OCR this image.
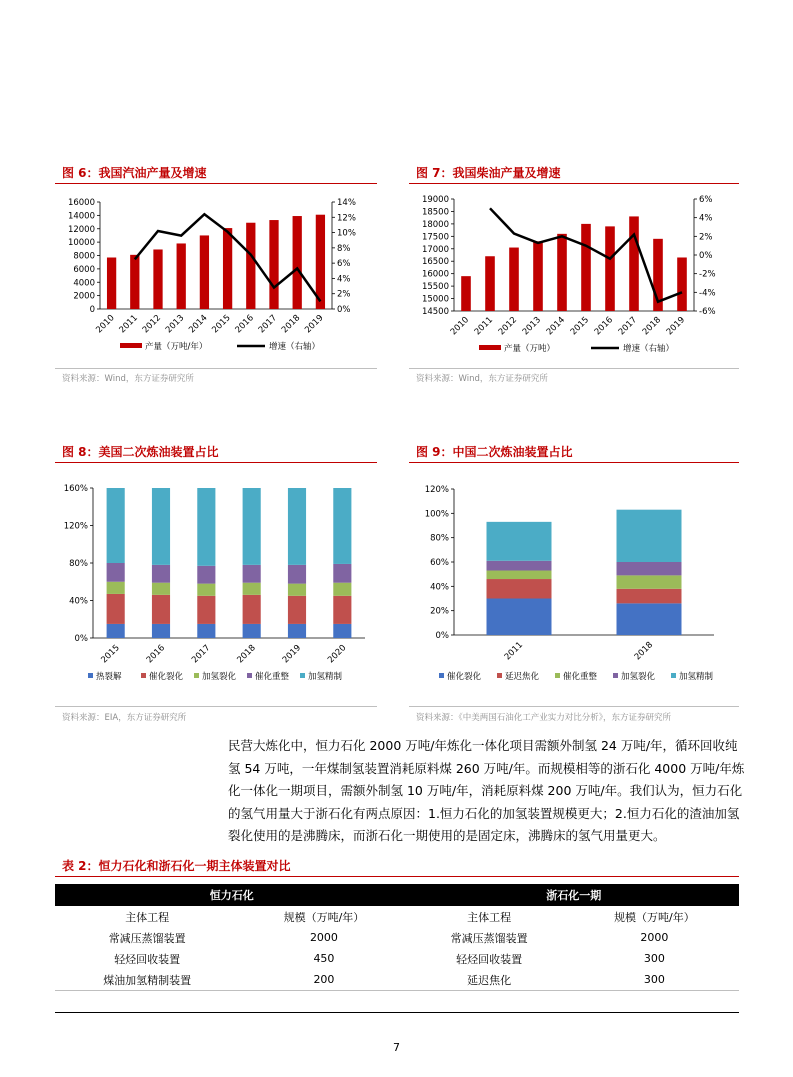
图 6：我国汽油产量及增速
0
2000
4000
6000
8000
10000
12000
14000
16000
0%
2%
4%
6%
8%
10%
12%
14%
2010 2011 2012 2013 2014 2015 2016 2017 2018 2019
产量（万吨/年）	增速（右轴）
资料来源：Wind，东方证券研究所
图 7：我国柴油产量及增速
14500
15000
15500
16000
16500
17000
17500
18000
18500
19000
-6%
-4%
-2%
0%
2%
4%
6%
2010 2011 2012 2013 2014 2015 2016 2017 2018 2019
产量（万吨）	增速（右轴）
资料来源：Wind，东方证券研究所
图 8：美国二次炼油装置占比
0%
40%
80%
120%
160%
2015	2016	2017	2018	2019	2020
热裂解	催化裂化 加氢裂化 催化重整 加氢精制
资料来源：EIA，东方证券研究所
图 9：中国二次炼油装置占比
0%
20%
40%
60%
80%
100%
120%
2011	2018
催化裂化	延迟焦化	催化重整	加氢裂化	加氢精制
资料来源：《中美两国石油化工产业实力对比分析》，东方证券研究所
民营大炼化中，恒力石化 2000 万吨/年炼化一体化项目需额外制氢 24 万吨/年，循环回收纯氢 54 万吨，一年煤制氢装置消耗原料煤 260 万吨/年。而规模相等的浙石化 4000 万吨/年炼化一体化一期项目，需额外制氢 10 万吨/年，消耗原料煤 200 万吨/年。我们认为，恒力石化的氢气用量大于浙石化有两点原因：1.恒力石化的加氢装置规模更大；2.恒力石化的渣油加氢裂化使用的是沸腾床，而浙石化一期使用的是固定床，沸腾床的氢气用量更大。
表 2：恒力石化和浙石化一期主体装置对比
恒力石化		浙石化一期	
主体工程	规模（万吨/年）	主体工程	规模（万吨/年）
常减压蒸馏装置	2000	常减压蒸馏装置	2000
轻烃回收装置	450	轻烃回收装置	300
煤油加氢精制装置	200	延迟焦化	300
7
